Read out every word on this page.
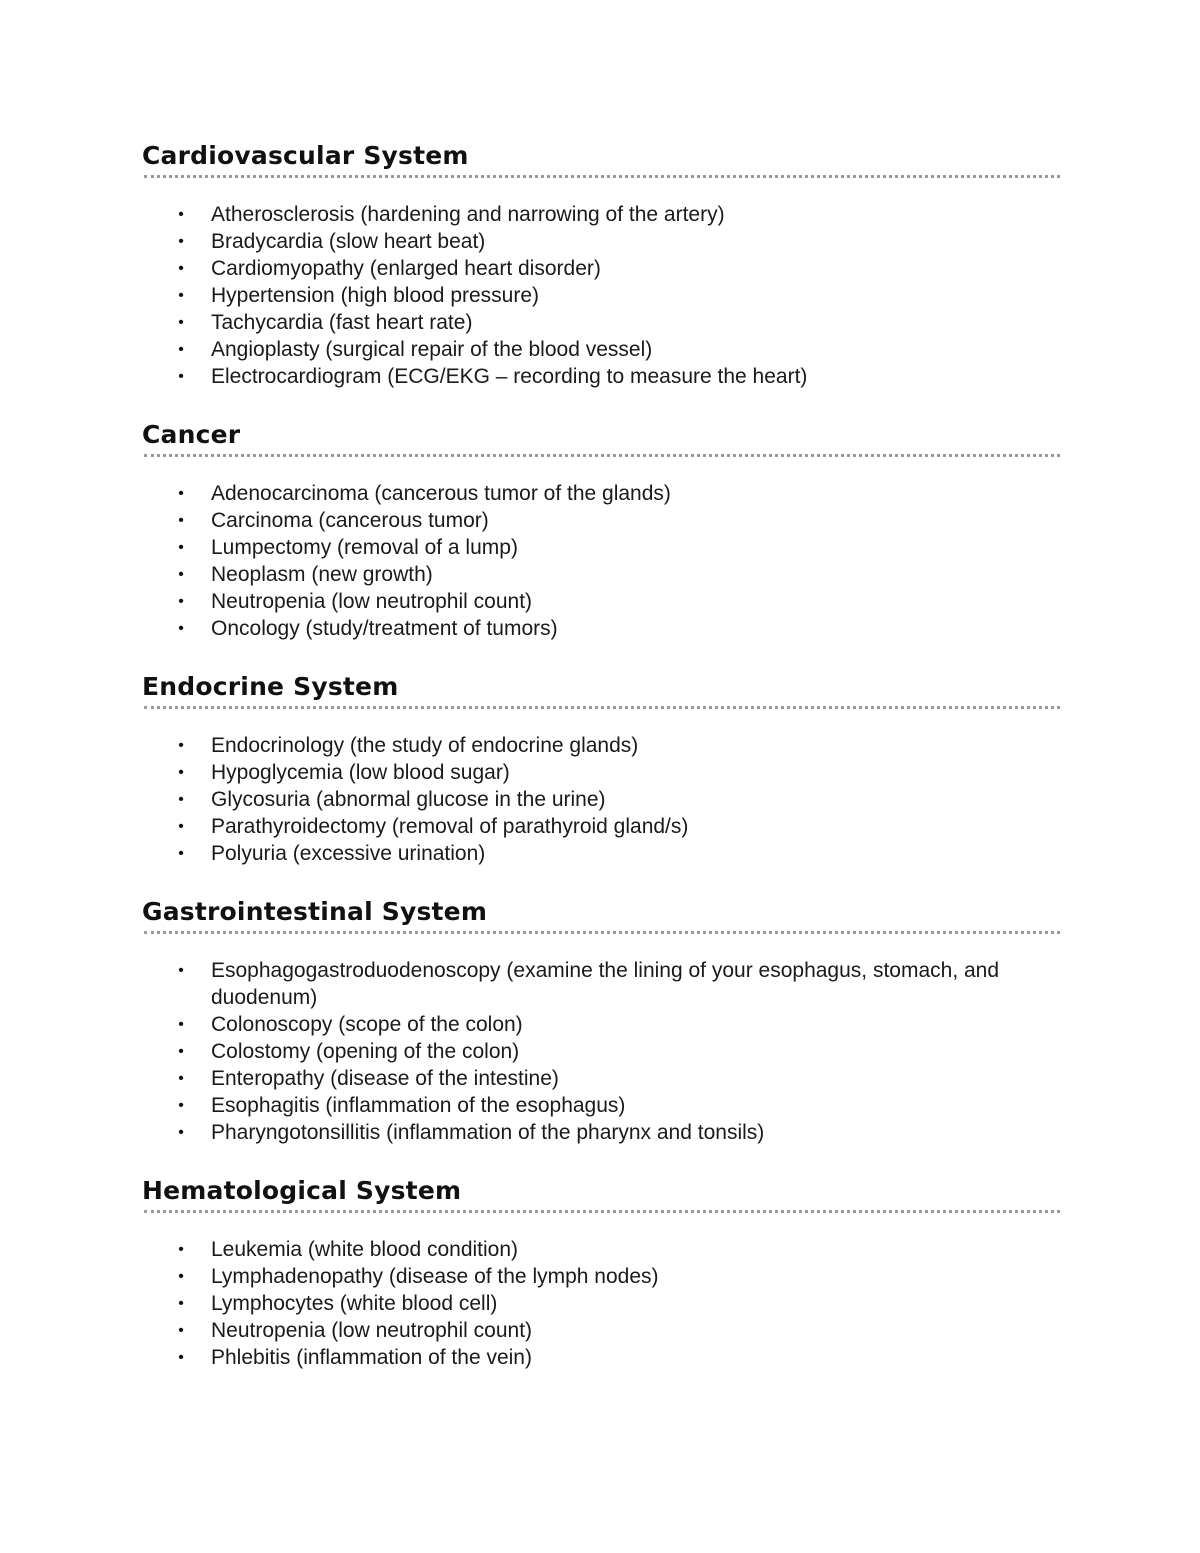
Cardiovascular System
• Atherosclerosis (hardening and narrowing of the artery)
• Bradycardia (slow heart beat)
• Cardiomyopathy (enlarged heart disorder)
• Hypertension (high blood pressure)
• Tachycardia (fast heart rate)
• Angioplasty (surgical repair of the blood vessel)
• Electrocardiogram (ECG/EKG – recording to measure the heart)
Cancer
• Adenocarcinoma (cancerous tumor of the glands)
• Carcinoma (cancerous tumor)
• Lumpectomy (removal of a lump)
• Neoplasm (new growth)
• Neutropenia (low neutrophil count)
• Oncology (study/treatment of tumors)
Endocrine System
• Endocrinology (the study of endocrine glands)
• Hypoglycemia (low blood sugar)
• Glycosuria (abnormal glucose in the urine)
• Parathyroidectomy (removal of parathyroid gland/s)
• Polyuria (excessive urination)
Gastrointestinal System
• Esophagogastroduodenoscopy (examine the lining of your esophagus, stomach, and duodenum)
• Colonoscopy (scope of the colon)
• Colostomy (opening of the colon)
• Enteropathy (disease of the intestine)
• Esophagitis (inflammation of the esophagus)
• Pharyngotonsillitis (inflammation of the pharynx and tonsils)
Hematological System
• Leukemia (white blood condition)
• Lymphadenopathy (disease of the lymph nodes)
• Lymphocytes (white blood cell)
• Neutropenia (low neutrophil count)
• Phlebitis (inflammation of the vein)
